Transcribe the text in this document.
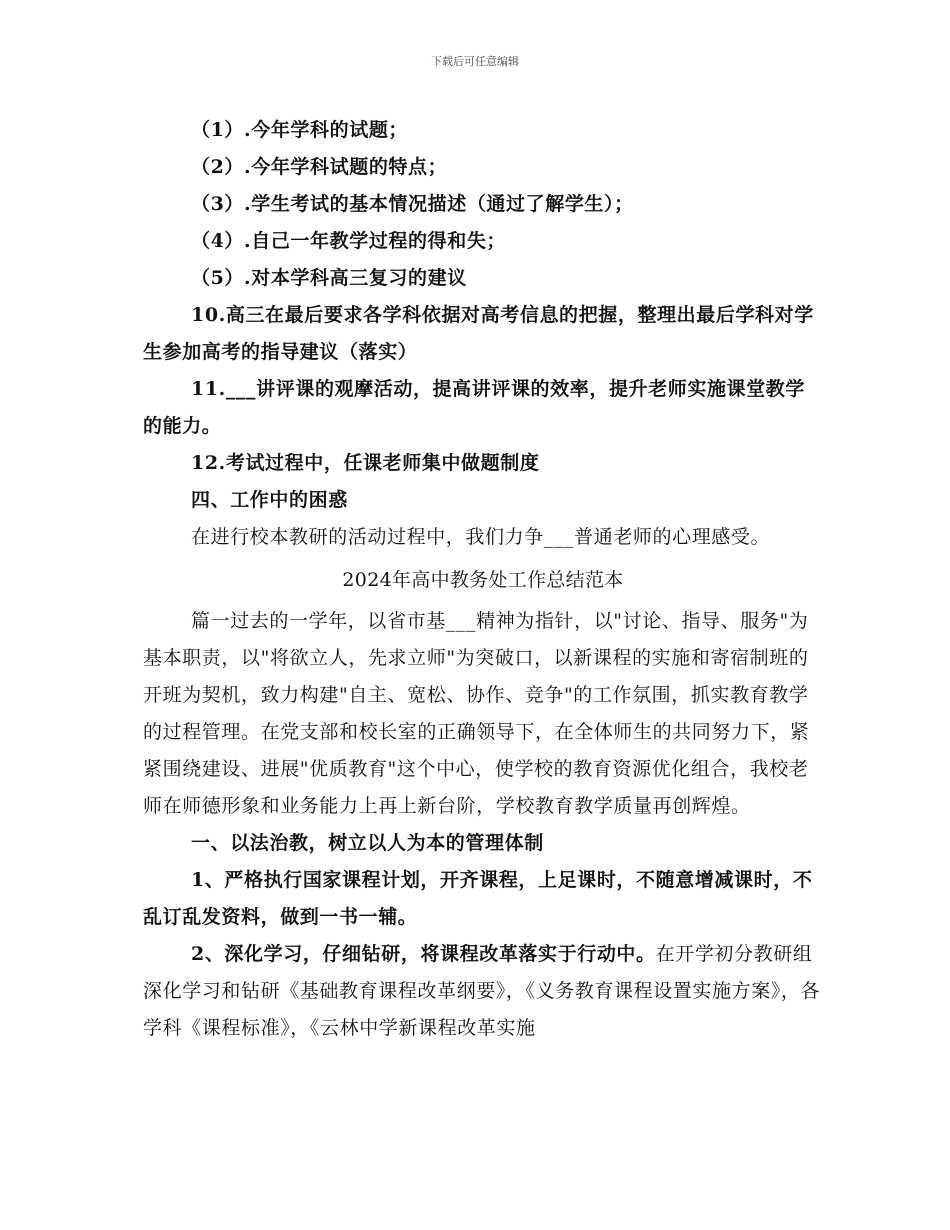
下载后可任意编辑

（1）.今年学科的试题；

（2）.今年学科试题的特点；

（3）.学生考试的基本情况描述（通过了解学生）；

（4）.自己一年教学过程的得和失；

（5）.对本学科高三复习的建议

10.高三在最后要求各学科依据对高考信息的把握，整理出最后学科对学生参加高考的指导建议（落实）

11.___讲评课的观摩活动，提高讲评课的效率，提升老师实施课堂教学的能力。

12.考试过程中，任课老师集中做题制度

四、工作中的困惑

在进行校本教研的活动过程中，我们力争___普通老师的心理感受。

2024年高中教务处工作总结范本

篇一过去的一学年，以省市基___精神为指针，以"讨论、指导、服务"为基本职责，以"将欲立人，先求立师"为突破口，以新课程的实施和寄宿制班的开班为契机，致力构建"自主、宽松、协作、竞争"的工作氛围，抓实教育教学的过程管理。在党支部和校长室的正确领导下，在全体师生的共同努力下，紧紧围绕建设、进展"优质教育"这个中心，使学校的教育资源优化组合，我校老师在师德形象和业务能力上再上新台阶，学校教育教学质量再创辉煌。

一、以法治教，树立以人为本的管理体制

1、严格执行国家课程计划，开齐课程，上足课时，不随意增减课时，不乱订乱发资料，做到一书一辅。

2、深化学习，仔细钻研，将课程改革落实于行动中。在开学初分教研组深化学习和钻研《基础教育课程改革纲要》，《义务教育课程设置实施方案》，各学科《课程标准》，《云林中学新课程改革实施
